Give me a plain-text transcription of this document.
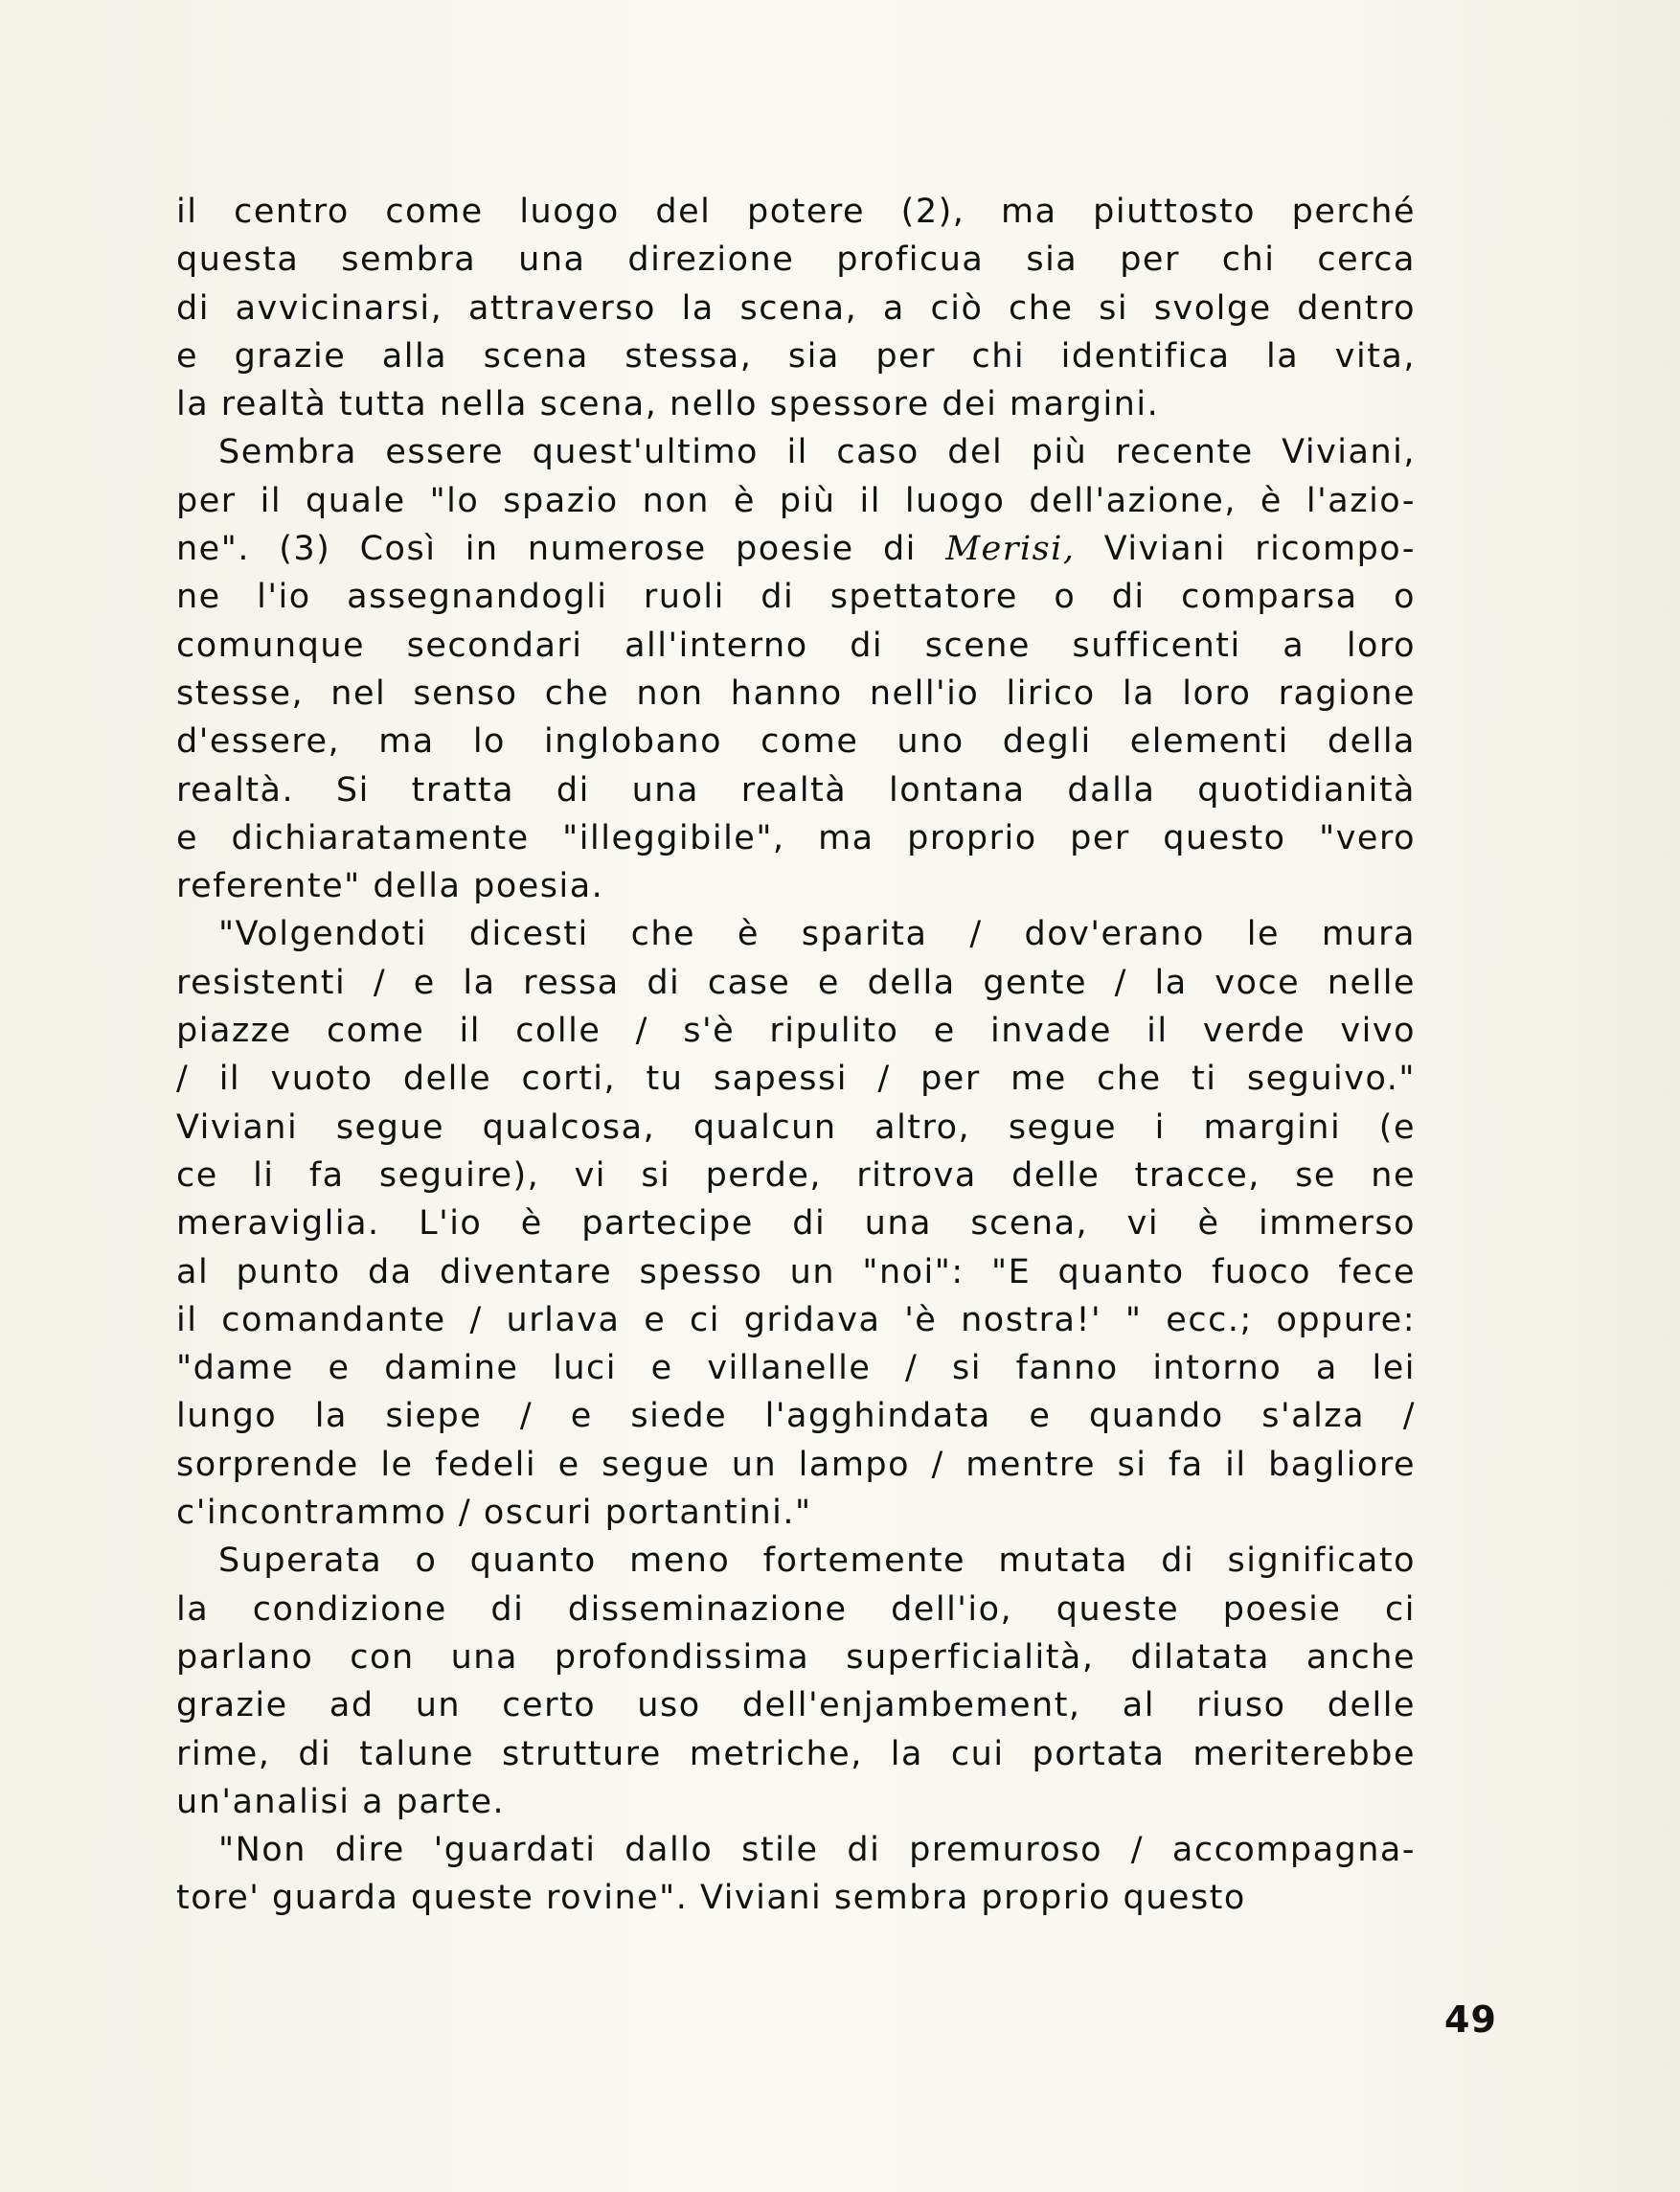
il centro come luogo del potere (2), ma piuttosto perché
questa sembra una direzione proficua sia per chi cerca
di avvicinarsi, attraverso la scena, a ciò che si svolge dentro
e grazie alla scena stessa, sia per chi identifica la vita,
la realtà tutta nella scena, nello spessore dei margini.
Sembra essere quest'ultimo il caso del più recente Viviani,
per il quale "lo spazio non è più il luogo dell'azione, è l'azio-
ne". (3) Così in numerose poesie di Merisi, Viviani ricompo-
ne l'io assegnandogli ruoli di spettatore o di comparsa o
comunque secondari all'interno di scene sufficenti a loro
stesse, nel senso che non hanno nell'io lirico la loro ragione
d'essere, ma lo inglobano come uno degli elementi della
realtà. Si tratta di una realtà lontana dalla quotidianità
e dichiaratamente "illeggibile", ma proprio per questo "vero
referente" della poesia.
"Volgendoti dicesti che è sparita / dov'erano le mura
resistenti / e la ressa di case e della gente / la voce nelle
piazze come il colle / s'è ripulito e invade il verde vivo
/ il vuoto delle corti, tu sapessi / per me che ti seguivo."
Viviani segue qualcosa, qualcun altro, segue i margini (e
ce li fa seguire), vi si perde, ritrova delle tracce, se ne
meraviglia. L'io è partecipe di una scena, vi è immerso
al punto da diventare spesso un "noi": "E quanto fuoco fece
il comandante / urlava e ci gridava 'è nostra!' " ecc.; oppure:
"dame e damine luci e villanelle / si fanno intorno a lei
lungo la siepe / e siede l'agghindata e quando s'alza /
sorprende le fedeli e segue un lampo / mentre si fa il bagliore
c'incontrammo / oscuri portantini."
Superata o quanto meno fortemente mutata di significato
la condizione di disseminazione dell'io, queste poesie ci
parlano con una profondissima superficialità, dilatata anche
grazie ad un certo uso dell'enjambement, al riuso delle
rime, di talune strutture metriche, la cui portata meriterebbe
un'analisi a parte.
"Non dire 'guardati dallo stile di premuroso / accompagna-
tore' guarda queste rovine". Viviani sembra proprio questo
49
